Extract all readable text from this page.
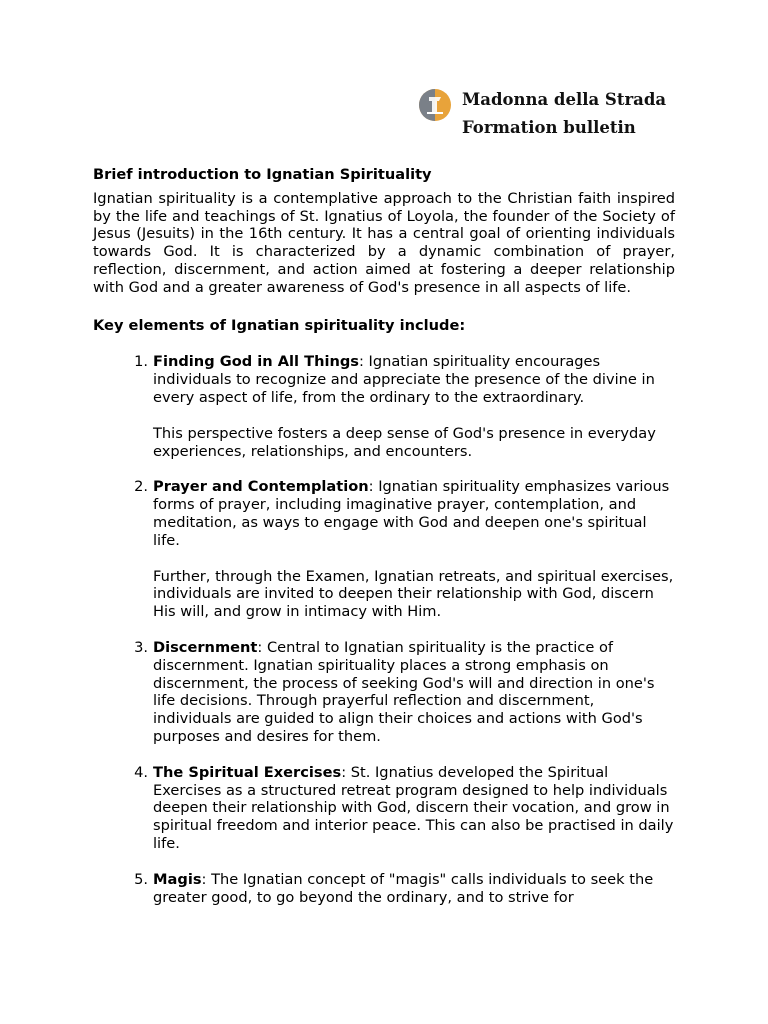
Madonna della Strada
Formation bulletin
Brief introduction to Ignatian Spirituality
Ignatian spirituality is a contemplative approach to the Christian faith inspired by the life and teachings of St. Ignatius of Loyola, the founder of the Society of Jesus (Jesuits) in the 16th century. It has a central goal of orienting individuals towards God. It is characterized by a dynamic combination of prayer, reflection, discernment, and action aimed at fostering a deeper relationship with God and a greater awareness of God's presence in all aspects of life.
Key elements of Ignatian spirituality include:
1. Finding God in All Things: Ignatian spirituality encourages individuals to recognize and appreciate the presence of the divine in every aspect of life, from the ordinary to the extraordinary.
This perspective fosters a deep sense of God's presence in everyday experiences, relationships, and encounters.
2. Prayer and Contemplation: Ignatian spirituality emphasizes various forms of prayer, including imaginative prayer, contemplation, and meditation, as ways to engage with God and deepen one's spiritual life.
Further, through the Examen, Ignatian retreats, and spiritual exercises, individuals are invited to deepen their relationship with God, discern His will, and grow in intimacy with Him.
3. Discernment: Central to Ignatian spirituality is the practice of discernment. Ignatian spirituality places a strong emphasis on discernment, the process of seeking God's will and direction in one's life decisions. Through prayerful reflection and discernment, individuals are guided to align their choices and actions with God's purposes and desires for them.
4. The Spiritual Exercises: St. Ignatius developed the Spiritual Exercises as a structured retreat program designed to help individuals deepen their relationship with God, discern their vocation, and grow in spiritual freedom and interior peace. This can also be practised in daily life.
5. Magis: The Ignatian concept of "magis" calls individuals to seek the greater good, to go beyond the ordinary, and to strive for
